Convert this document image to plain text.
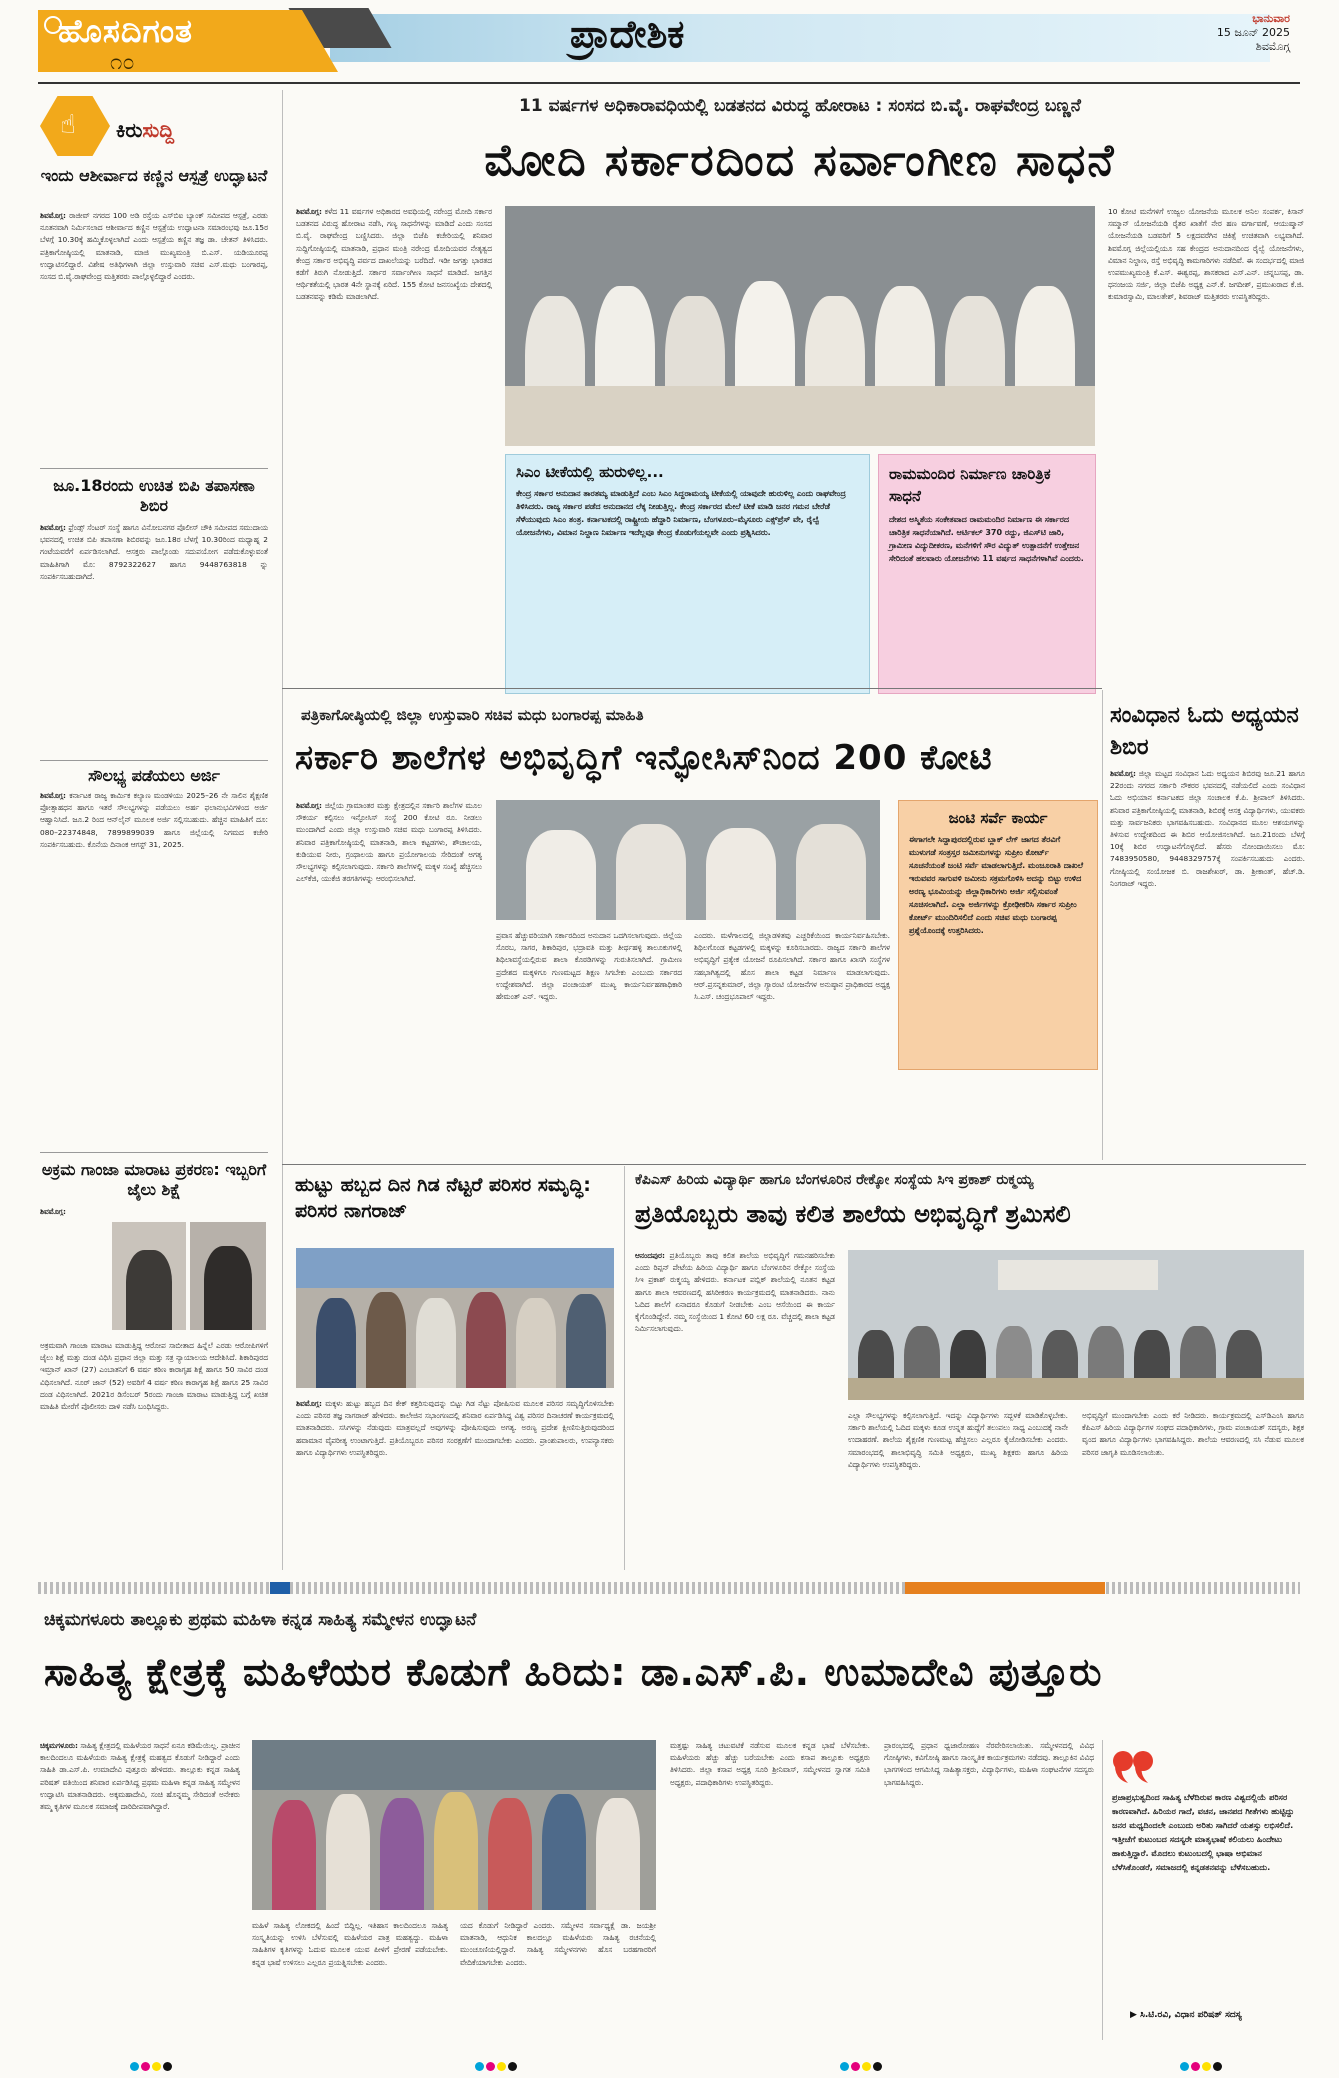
ಹೊಸದಿಗಂತ
೧೦
ಪ್ರಾದೇಶಿಕ	ಭಾನುವಾರ
15 ಜೂನ್ 2025
ಶಿವಮೊಗ್ಗ
☝ ಕಿರುಸುದ್ದಿ
ಇಂದು ಆಶೀರ್ವಾದ ಕಣ್ಣಿನ ಆಸ್ಪತ್ರೆ ಉದ್ಘಾಟನೆ
ಶಿವಮೊಗ್ಗ: ರಾಜೀವ್ ನಗರದ 100 ಅಡಿ ರಸ್ತೆಯ ಎಸ್‌ಬಿಐ ಬ್ಯಾಂಕ್ ಸಮೀಪದ ಆಸ್ಪತ್ರೆ, ಎರಡು ನೂತನವಾಗಿ ನಿರ್ಮಿಸಲಾದ ಆಶೀರ್ವಾದ ಕಣ್ಣಿನ ಆಸ್ಪತ್ರೆಯ ಉದ್ಘಾಟನಾ ಸಮಾರಂಭವು ಜೂ.15ರ ಬೆಳಗ್ಗೆ 10.30ಕ್ಕೆ ಹಮ್ಮಿಕೊಳ್ಳಲಾಗಿದೆ ಎಂದು ಆಸ್ಪತ್ರೆಯ ಕಣ್ಣಿನ ತಜ್ಞ ಡಾ. ಚೇತನ್ ತಿಳಿಸಿದರು. ಪತ್ರಿಕಾಗೋಷ್ಠಿಯಲ್ಲಿ ಮಾತನಾಡಿ, ಮಾಜಿ ಮುಖ್ಯಮಂತ್ರಿ ಬಿ.ಎಸ್. ಯಡಿಯೂರಪ್ಪ ಉದ್ಘಾಟಿಸಲಿದ್ದಾರೆ. ವಿಶೇಷ ಅತಿಥಿಗಳಾಗಿ ಜಿಲ್ಲಾ ಉಸ್ತುವಾರಿ ಸಚಿವ ಎಸ್.ಮಧು ಬಂಗಾರಪ್ಪ, ಸಂಸದ ಬಿ.ವೈ.ರಾಘವೇಂದ್ರ ಮತ್ತಿತರರು ಪಾಲ್ಗೊಳ್ಳಲಿದ್ದಾರೆ ಎಂದರು.
ಜೂ.18ರಂದು ಉಚಿತ ಬಿಪಿ ತಪಾಸಣಾ ಶಿಬಿರ
ಶಿವಮೊಗ್ಗ: ಫ್ರೆಂಡ್ಸ್ ಸೆಂಟರ್ ಸಂಸ್ಥೆ ಹಾಗೂ ವಿನೋಬನಗರ ಪೊಲೀಸ್ ಚೌಕಿ ಸಮೀಪದ ಸಮುದಾಯ ಭವನದಲ್ಲಿ ಉಚಿತ ಬಿಪಿ ತಪಾಸಣಾ ಶಿಬಿರವನ್ನು ಜೂ.18ರ ಬೆಳಗ್ಗೆ 10.30ರಿಂದ ಮಧ್ಯಾಹ್ನ 2 ಗಂಟೆಯವರೆಗೆ ಏರ್ಪಡಿಸಲಾಗಿದೆ. ಆಸಕ್ತರು ಪಾಲ್ಗೊಂಡು ಸದುಪಯೋಗ ಪಡೆದುಕೊಳ್ಳುವಂತೆ ಮಾಹಿತಿಗಾಗಿ ಮೊ: 8792322627 ಹಾಗೂ 9448763818 ನ್ನು ಸಂಪರ್ಕಿಸಬಹುದಾಗಿದೆ.
ಸೌಲಭ್ಯ ಪಡೆಯಲು ಅರ್ಜಿ
ಶಿವಮೊಗ್ಗ: ಕರ್ನಾಟಕ ರಾಜ್ಯ ಕಾರ್ಮಿಕ ಕಲ್ಯಾಣ ಮಂಡಳಿಯು 2025–26 ನೇ ಸಾಲಿನ ಶೈಕ್ಷಣಿಕ ಪ್ರೋತ್ಸಾಹಧನ ಹಾಗೂ ಇತರೆ ಸೌಲಭ್ಯಗಳನ್ನು ಪಡೆಯಲು ಅರ್ಹ ಫಲಾನುಭವಿಗಳಿಂದ ಅರ್ಜಿ ಆಹ್ವಾನಿಸಿದೆ. ಜೂ.2 ರಿಂದ ಆನ್‌ಲೈನ್ ಮೂಲಕ ಅರ್ಜಿ ಸಲ್ಲಿಸಬಹುದು. ಹೆಚ್ಚಿನ ಮಾಹಿತಿಗೆ ದೂ: 080–22374848, 7899899039 ಹಾಗೂ ಜಿಲ್ಲೆಯಲ್ಲಿ ನಿಗಮದ ಕಚೇರಿ ಸಂಪರ್ಕಿಸಬಹುದು. ಕೊನೆಯ ದಿನಾಂಕ ಆಗಸ್ಟ್ 31, 2025.
ಅಕ್ರಮ ಗಾಂಜಾ ಮಾರಾಟ ಪ್ರಕರಣ: ಇಬ್ಬರಿಗೆ ಜೈಲು ಶಿಕ್ಷೆ
ಶಿವಮೊಗ್ಗ:
ಅಕ್ರಮವಾಗಿ ಗಾಂಜಾ ಮಾರಾಟ ಮಾಡುತ್ತಿದ್ದ ಆರೋಪ ಸಾಬೀತಾದ ಹಿನ್ನೆಲೆ ಎರಡು ಆರೋಪಿಗಳಿಗೆ ಜೈಲು ಶಿಕ್ಷೆ ಮತ್ತು ದಂಡ ವಿಧಿಸಿ ಪ್ರಧಾನ ಜಿಲ್ಲಾ ಮತ್ತು ಸತ್ರ ನ್ಯಾಯಾಲಯ ಆದೇಶಿಸಿದೆ. ಶಿಕಾರಿಪುರದ ಇಮ್ರಾನ್ ಖಾನ್ (27) ಎಂಬಾತನಿಗೆ 6 ವರ್ಷ ಕಠಿಣ ಕಾರಾಗೃಹ ಶಿಕ್ಷೆ ಹಾಗೂ 50 ಸಾವಿರ ದಂಡ ವಿಧಿಸಲಾಗಿದೆ. ನೂರ್ ಜಾನ್ (52) ಅವರಿಗೆ 4 ವರ್ಷ ಕಠಿಣ ಕಾರಾಗೃಹ ಶಿಕ್ಷೆ ಹಾಗೂ 25 ಸಾವಿರ ದಂಡ ವಿಧಿಸಲಾಗಿದೆ. 2021ರ ಡಿಸೆಂಬರ್ 5ರಂದು ಗಾಂಜಾ ಮಾರಾಟ ಮಾಡುತ್ತಿದ್ದ ಬಗ್ಗೆ ಖಚಿತ ಮಾಹಿತಿ ಮೇರೆಗೆ ಪೊಲೀಸರು ದಾಳಿ ನಡೆಸಿ ಬಂಧಿಸಿದ್ದರು.
11 ವರ್ಷಗಳ ಅಧಿಕಾರಾವಧಿಯಲ್ಲಿ ಬಡತನದ ವಿರುದ್ಧ ಹೋರಾಟ : ಸಂಸದ ಬಿ.ವೈ. ರಾಘವೇಂದ್ರ ಬಣ್ಣನೆ
ಮೋದಿ ಸರ್ಕಾರದಿಂದ ಸರ್ವಾಂಗೀಣ ಸಾಧನೆ
ಶಿವಮೊಗ್ಗ: ಕಳೆದ 11 ವರ್ಷಗಳ ಅಧಿಕಾರದ ಅವಧಿಯಲ್ಲಿ ನರೇಂದ್ರ ಮೋದಿ ಸರ್ಕಾರ ಬಡತನದ ವಿರುದ್ಧ ಹೋರಾಟ ನಡೆಸಿ, ಗಣ್ಯ ಸಾಧನೆಗಳನ್ನು ಮಾಡಿದೆ ಎಂದು ಸಂಸದ ಬಿ.ವೈ. ರಾಘವೇಂದ್ರ ಬಣ್ಣಿಸಿದರು. ಜಿಲ್ಲಾ ಬಿಜೆಪಿ ಕಚೇರಿಯಲ್ಲಿ ಶನಿವಾರ ಸುದ್ದಿಗೋಷ್ಠಿಯಲ್ಲಿ ಮಾತನಾಡಿ, ಪ್ರಧಾನ ಮಂತ್ರಿ ನರೇಂದ್ರ ಮೋದಿಯವರ ನೇತೃತ್ವದ ಕೇಂದ್ರ ಸರ್ಕಾರ ಅಭಿವೃದ್ಧಿ ಪರ್ವದ ದಾಖಲೆಯನ್ನು ಬರೆದಿದೆ. ಇಡೀ ಜಗತ್ತು ಭಾರತದ ಕಡೆಗೆ ತಿರುಗಿ ನೋಡುತ್ತಿದೆ. ಸರ್ಕಾರ ಸರ್ವಾಂಗೀಣ ಸಾಧನೆ ಮಾಡಿದೆ. ಜಗತ್ತಿನ ಆರ್ಥಿಕತೆಯಲ್ಲಿ ಭಾರತ 4ನೇ ಸ್ಥಾನಕ್ಕೆ ಏರಿದೆ. 155 ಕೋಟಿ ಜನಸಂಖ್ಯೆಯ ದೇಶದಲ್ಲಿ ಬಡತನವನ್ನು ಕಡಿಮೆ ಮಾಡಲಾಗಿದೆ.
10 ಕೋಟಿ ಮನೆಗಳಿಗೆ ಉಜ್ವಲ ಯೋಜನೆಯ ಮೂಲಕ ಅನಿಲ ಸಂಪರ್ಕ, ಕಿಸಾನ್ ಸಮ್ಮಾನ್ ಯೋಜನೆಯಡಿ ರೈತರ ಖಾತೆಗೆ ನೇರ ಹಣ ವರ್ಗಾವಣೆ, ಆಯುಷ್ಮಾನ್ ಯೋಜನೆಯಡಿ ಬಡವರಿಗೆ 5 ಲಕ್ಷದವರೆಗಿನ ಚಿಕಿತ್ಸೆ ಉಚಿತವಾಗಿ ಲಭ್ಯವಾಗಿದೆ. ಶಿವಮೊಗ್ಗ ಜಿಲ್ಲೆಯಲ್ಲಿಯೂ ಸಹ ಕೇಂದ್ರದ ಅನುದಾನದಿಂದ ರೈಲ್ವೆ ಯೋಜನೆಗಳು, ವಿಮಾನ ನಿಲ್ದಾಣ, ರಸ್ತೆ ಅಭಿವೃದ್ಧಿ ಕಾಮಗಾರಿಗಳು ನಡೆದಿವೆ. ಈ ಸಂದರ್ಭದಲ್ಲಿ ಮಾಜಿ ಉಪಮುಖ್ಯಮಂತ್ರಿ ಕೆ.ಎಸ್. ಈಶ್ವರಪ್ಪ, ಶಾಸಕರಾದ ಎಸ್.ಎನ್. ಚನ್ನಬಸಪ್ಪ, ಡಾ. ಧನಂಜಯ ಸರ್ಜಿ, ಜಿಲ್ಲಾ ಬಿಜೆಪಿ ಅಧ್ಯಕ್ಷ ಎನ್.ಕೆ. ಜಗದೀಶ್, ಪ್ರಮುಖರಾದ ಕೆ.ಜಿ. ಕುಮಾರಸ್ವಾಮಿ, ಮಾಲತೇಶ್, ಶಿವರಾಜ್ ಮತ್ತಿತರರು ಉಪಸ್ಥಿತರಿದ್ದರು.
ಸಿಎಂ ಟೀಕೆಯಲ್ಲಿ ಹುರುಳಿಲ್ಲ...
ಕೇಂದ್ರ ಸರ್ಕಾರ ಅನುದಾನ ತಾರತಮ್ಯ ಮಾಡುತ್ತಿದೆ ಎಂಬ ಸಿಎಂ ಸಿದ್ದರಾಮಯ್ಯ ಟೀಕೆಯಲ್ಲಿ ಯಾವುದೇ ಹುರುಳಿಲ್ಲ ಎಂದು ರಾಘವೇಂದ್ರ ತಿಳಿಸಿದರು. ರಾಜ್ಯ ಸರ್ಕಾರ ಪಡೆದ ಅನುದಾನದ ಲೆಕ್ಕ ನೀಡುತ್ತಿಲ್ಲ. ಕೇಂದ್ರ ಸರ್ಕಾರದ ಮೇಲೆ ಟೀಕೆ ಮಾಡಿ ಜನರ ಗಮನ ಬೇರೆಡೆ ಸೆಳೆಯುವುದು ಸಿಎಂ ತಂತ್ರ. ಕರ್ನಾಟಕದಲ್ಲಿ ರಾಷ್ಟ್ರೀಯ ಹೆದ್ದಾರಿ ನಿರ್ಮಾಣ, ಬೆಂಗಳೂರು–ಮೈಸೂರು ಎಕ್ಸ್‌ಪ್ರೆಸ್ ವೇ, ರೈಲ್ವೆ ಯೋಜನೆಗಳು, ವಿಮಾನ ನಿಲ್ದಾಣ ನಿರ್ಮಾಣ ಇದೆಲ್ಲವೂ ಕೇಂದ್ರ ಕೊಡುಗೆಯಲ್ಲವೇ ಎಂದು ಪ್ರಶ್ನಿಸಿದರು.
ರಾಮಮಂದಿರ ನಿರ್ಮಾಣ ಚಾರಿತ್ರಿಕ ಸಾಧನೆ
ದೇಶದ ಅಸ್ಮಿತೆಯ ಸಂಕೇತವಾದ ರಾಮಮಂದಿರ ನಿರ್ಮಾಣ ಈ ಸರ್ಕಾರದ ಚಾರಿತ್ರಿಕ ಸಾಧನೆಯಾಗಿದೆ. ಆರ್ಟಿಕಲ್ 370 ರದ್ದು, ಜಿಎಸ್‌ಟಿ ಜಾರಿ, ಗ್ರಾಮೀಣ ವಿದ್ಯುದೀಕರಣ, ಮನೆಗಳಿಗೆ ಸೌರ ವಿದ್ಯುತ್ ಉತ್ಪಾದನೆಗೆ ಉತ್ತೇಜನ ಸೇರಿದಂತೆ ಹಲವಾರು ಯೋಜನೆಗಳು 11 ವರ್ಷದ ಸಾಧನೆಗಳಾಗಿವೆ ಎಂದರು.
ಪತ್ರಿಕಾಗೋಷ್ಠಿಯಲ್ಲಿ ಜಿಲ್ಲಾ ಉಸ್ತುವಾರಿ ಸಚಿವ ಮಧು ಬಂಗಾರಪ್ಪ ಮಾಹಿತಿ
ಸರ್ಕಾರಿ ಶಾಲೆಗಳ ಅಭಿವೃದ್ಧಿಗೆ ಇನ್ಫೋಸಿಸ್‌ನಿಂದ 200 ಕೋಟಿ
ಶಿವಮೊಗ್ಗ: ಜಿಲ್ಲೆಯ ಗ್ರಾಮಾಂತರ ಮತ್ತು ಕ್ಷೇತ್ರದಲ್ಲಿನ ಸರ್ಕಾರಿ ಶಾಲೆಗಳ ಮೂಲ ಸೌಕರ್ಯ ಕಲ್ಪಿಸಲು ಇನ್ಫೋಸಿಸ್ ಸಂಸ್ಥೆ 200 ಕೋಟಿ ರೂ. ನೀಡಲು ಮುಂದಾಗಿದೆ ಎಂದು ಜಿಲ್ಲಾ ಉಸ್ತುವಾರಿ ಸಚಿವ ಮಧು ಬಂಗಾರಪ್ಪ ತಿಳಿಸಿದರು. ಶನಿವಾರ ಪತ್ರಿಕಾಗೋಷ್ಠಿಯಲ್ಲಿ ಮಾತನಾಡಿ, ಶಾಲಾ ಕಟ್ಟಡಗಳು, ಶೌಚಾಲಯ, ಕುಡಿಯುವ ನೀರು, ಗ್ರಂಥಾಲಯ ಹಾಗೂ ಪ್ರಯೋಗಾಲಯ ಸೇರಿದಂತೆ ಅಗತ್ಯ ಸೌಲಭ್ಯಗಳನ್ನು ಕಲ್ಪಿಸಲಾಗುವುದು. ಸರ್ಕಾರಿ ಶಾಲೆಗಳಲ್ಲಿ ಮಕ್ಕಳ ಸಂಖ್ಯೆ ಹೆಚ್ಚಿಸಲು ಎಲ್‌ಕೆಜಿ, ಯುಕೆಜಿ ತರಗತಿಗಳನ್ನು ಆರಂಭಿಸಲಾಗಿದೆ.
ಪ್ರವಾಸ ಹೆಚ್ಚುವರಿಯಾಗಿ ಸರ್ಕಾರದಿಂದ ಅನುದಾನ ಒದಗಿಸಲಾಗುವುದು. ಜಿಲ್ಲೆಯ ಸೊರಬ, ಸಾಗರ, ಶಿಕಾರಿಪುರ, ಭದ್ರಾವತಿ ಮತ್ತು ತೀರ್ಥಹಳ್ಳಿ ತಾಲೂಕುಗಳಲ್ಲಿ ಶಿಥಿಲಾವಸ್ಥೆಯಲ್ಲಿರುವ ಶಾಲಾ ಕೊಠಡಿಗಳನ್ನು ಗುರುತಿಸಲಾಗಿದೆ. ಗ್ರಾಮೀಣ ಪ್ರದೇಶದ ಮಕ್ಕಳಿಗೂ ಗುಣಮಟ್ಟದ ಶಿಕ್ಷಣ ಸಿಗಬೇಕು ಎಂಬುದು ಸರ್ಕಾರದ ಉದ್ದೇಶವಾಗಿದೆ. ಜಿಲ್ಲಾ ಪಂಚಾಯತ್ ಮುಖ್ಯ ಕಾರ್ಯನಿರ್ವಹಣಾಧಿಕಾರಿ ಹೇಮಂತ್ ಎನ್. ಇದ್ದರು.
ಎಂದರು. ಮಳೆಗಾಲದಲ್ಲಿ ಜಿಲ್ಲಾಡಳಿತವು ಎಚ್ಚರಿಕೆಯಿಂದ ಕಾರ್ಯನಿರ್ವಹಿಸಬೇಕು. ಶಿಥಿಲಗೊಂಡ ಕಟ್ಟಡಗಳಲ್ಲಿ ಮಕ್ಕಳನ್ನು ಕೂರಿಸಬಾರದು. ರಾಜ್ಯದ ಸರ್ಕಾರಿ ಶಾಲೆಗಳ ಅಭಿವೃದ್ಧಿಗೆ ಪ್ರತ್ಯೇಕ ಯೋಜನೆ ರೂಪಿಸಲಾಗಿದೆ. ಸರ್ಕಾರ ಹಾಗೂ ಖಾಸಗಿ ಸಂಸ್ಥೆಗಳ ಸಹಭಾಗಿತ್ವದಲ್ಲಿ ಹೊಸ ಶಾಲಾ ಕಟ್ಟಡ ನಿರ್ಮಾಣ ಮಾಡಲಾಗುವುದು. ಆರ್.ಪ್ರಸನ್ನಕುಮಾರ್, ಜಿಲ್ಲಾ ಗ್ಯಾರಂಟಿ ಯೋಜನೆಗಳ ಅನುಷ್ಠಾನ ಪ್ರಾಧಿಕಾರದ ಅಧ್ಯಕ್ಷ ಸಿ.ಎಸ್. ಚಂದ್ರಭೂಪಾಲ್ ಇದ್ದರು.
ಜಂಟಿ ಸರ್ವೆ ಕಾರ್ಯ
ಈಗಾಗಲೇ ಸಿದ್ದಾಪುರದಲ್ಲಿರುವ ಬ್ಲಾಕ್ ಲೆಗ್ ಜಾಗದ ತೆರವಿಗೆ ಮುಳುಗಡೆ ಸಂತ್ರಸ್ತರ ಜಮೀನುಗಳನ್ನು ಸುಪ್ರೀಂ ಕೋರ್ಟ್ ಸೂಚನೆಯಂತೆ ಜಂಟಿ ಸರ್ವೆ ಮಾಡಲಾಗುತ್ತಿದೆ. ಮಂಜೂರಾತಿ ದಾಖಲೆ ಇರುವವರ ಸಾಗುವಳಿ ಜಮೀನು ಸಕ್ರಮಗೊಳಿಸಿ ಅದನ್ನು ಬಿಟ್ಟು ಉಳಿದ ಅರಣ್ಯ ಭೂಮಿಯನ್ನು ಜಿಲ್ಲಾಧಿಕಾರಿಗಳು ಅರ್ಜಿ ಸಲ್ಲಿಸುವಂತೆ ಸೂಚಿಸಲಾಗಿದೆ. ಎಲ್ಲಾ ಅರ್ಜಿಗಳನ್ನು ಕ್ರೋಢೀಕರಿಸಿ ಸರ್ಕಾರ ಸುಪ್ರೀಂ ಕೋರ್ಟ್ ಮುಂದಿರಿಸಲಿದೆ ಎಂದು ಸಚಿವ ಮಧು ಬಂಗಾರಪ್ಪ ಪ್ರಶ್ನೆಯೊಂದಕ್ಕೆ ಉತ್ತರಿಸಿದರು.
ಸಂವಿಧಾನ ಓದು ಅಧ್ಯಯನ ಶಿಬಿರ
ಶಿವಮೊಗ್ಗ: ಜಿಲ್ಲಾ ಮಟ್ಟದ ಸಂವಿಧಾನ ಓದು ಅಧ್ಯಯನ ಶಿಬಿರವು ಜೂ.21 ಹಾಗೂ 22ರಂದು ನಗರದ ಸರ್ಕಾರಿ ನೌಕರರ ಭವನದಲ್ಲಿ ನಡೆಯಲಿದೆ ಎಂದು ಸಂವಿಧಾನ ಓದು ಅಭಿಯಾನ ಕರ್ನಾಟಕದ ಜಿಲ್ಲಾ ಸಂಚಾಲಕ ಕೆ.ಪಿ. ಶ್ರೀಪಾಲ್ ತಿಳಿಸಿದರು. ಶನಿವಾರ ಪತ್ರಿಕಾಗೋಷ್ಠಿಯಲ್ಲಿ ಮಾತನಾಡಿ, ಶಿಬಿರಕ್ಕೆ ಆಸಕ್ತ ವಿದ್ಯಾರ್ಥಿಗಳು, ಯುವಕರು ಮತ್ತು ಸಾರ್ವಜನಿಕರು ಭಾಗವಹಿಸಬಹುದು. ಸಂವಿಧಾನದ ಮೂಲ ಆಶಯಗಳನ್ನು ತಿಳಿಸುವ ಉದ್ದೇಶದಿಂದ ಈ ಶಿಬಿರ ಆಯೋಜಿಸಲಾಗಿದೆ. ಜೂ.21ರಂದು ಬೆಳಗ್ಗೆ 10ಕ್ಕೆ ಶಿಬಿರ ಉದ್ಘಾಟನೆಗೊಳ್ಳಲಿದೆ. ಹೆಸರು ನೋಂದಾಯಿಸಲು ಮೊ: 7483950580, 9448329757ಕ್ಕೆ ಸಂಪರ್ಕಿಸಬಹುದು ಎಂದರು. ಗೋಷ್ಠಿಯಲ್ಲಿ ಸಂಯೋಜಕ ಬಿ. ರಾಜಶೇಖರ್, ಡಾ. ಶ್ರೀಕಾಂತ್, ಹೆಚ್.ಡಿ. ನಿಂಗರಾಜ್ ಇದ್ದರು.
ಹುಟ್ಟು ಹಬ್ಬದ ದಿನ ಗಿಡ ನೆಟ್ಟರೆ ಪರಿಸರ ಸಮೃದ್ಧಿ: ಪರಿಸರ ನಾಗರಾಜ್
ಶಿವಮೊಗ್ಗ: ಮಕ್ಕಳು ಹುಟ್ಟು ಹಬ್ಬದ ದಿನ ಕೇಕ್ ಕತ್ತರಿಸುವುದನ್ನು ಬಿಟ್ಟು ಗಿಡ ನೆಟ್ಟು ಪೋಷಿಸುವ ಮೂಲಕ ಪರಿಸರ ಸಮೃದ್ಧಿಗೊಳಿಸಬೇಕು ಎಂದು ಪರಿಸರ ತಜ್ಞ ನಾಗರಾಜ್ ಹೇಳಿದರು. ಕಾಲೇಜಿನ ಸಭಾಂಗಣದಲ್ಲಿ ಶನಿವಾರ ಏರ್ಪಡಿಸಿದ್ದ ವಿಶ್ವ ಪರಿಸರ ದಿನಾಚರಣೆ ಕಾರ್ಯಕ್ರಮದಲ್ಲಿ ಮಾತನಾಡಿದರು. ಸಸಿಗಳನ್ನು ನೆಡುವುದು ಮಾತ್ರವಲ್ಲದೆ ಅವುಗಳನ್ನು ಪೋಷಿಸುವುದು ಅಗತ್ಯ. ಅರಣ್ಯ ಪ್ರದೇಶ ಕ್ಷೀಣಿಸುತ್ತಿರುವುದರಿಂದ ಹವಾಮಾನ ವೈಪರೀತ್ಯ ಉಂಟಾಗುತ್ತಿದೆ. ಪ್ರತಿಯೊಬ್ಬರೂ ಪರಿಸರ ಸಂರಕ್ಷಣೆಗೆ ಮುಂದಾಗಬೇಕು ಎಂದರು. ಪ್ರಾಂಶುಪಾಲರು, ಉಪನ್ಯಾಸಕರು ಹಾಗೂ ವಿದ್ಯಾರ್ಥಿಗಳು ಉಪಸ್ಥಿತರಿದ್ದರು.
ಕೆಪಿಎಸ್ ಹಿರಿಯ ವಿದ್ಯಾರ್ಥಿ ಹಾಗೂ ಬೆಂಗಳೂರಿನ ರೇಕ್ಕೋ ಸಂಸ್ಥೆಯ ಸಿಇ ಪ್ರಕಾಶ್ ರುಕ್ಮಯ್ಯ
ಪ್ರತಿಯೊಬ್ಬರು ತಾವು ಕಲಿತ ಶಾಲೆಯ ಅಭಿವೃದ್ಧಿಗೆ ಶ್ರಮಿಸಲಿ
ಆನಂದಪುರ: ಪ್ರತಿಯೊಬ್ಬರು ತಾವು ಕಲಿತ ಶಾಲೆಯ ಅಭಿವೃದ್ಧಿಗೆ ಗಮನಹರಿಸಬೇಕು ಎಂದು ರಿಪ್ಪನ್ ಪೇಟೆಯ ಹಿರಿಯ ವಿದ್ಯಾರ್ಥಿ ಹಾಗೂ ಬೆಂಗಳೂರಿನ ರೇಕ್ಕೋ ಸಂಸ್ಥೆಯ ಸಿಇ ಪ್ರಕಾಶ್ ರುಕ್ಮಯ್ಯ ಹೇಳಿದರು. ಕರ್ನಾಟಕ ಪಬ್ಲಿಕ್ ಶಾಲೆಯಲ್ಲಿ ನೂತನ ಕಟ್ಟಡ ಹಾಗೂ ಶಾಲಾ ಆವರಣದಲ್ಲಿ ಹಸಿರೀಕರಣ ಕಾರ್ಯಕ್ರಮದಲ್ಲಿ ಮಾತನಾಡಿದರು. ನಾನು ಓದಿದ ಶಾಲೆಗೆ ಏನಾದರೂ ಕೊಡುಗೆ ನೀಡಬೇಕು ಎಂಬ ಆಸೆಯಿಂದ ಈ ಕಾರ್ಯ ಕೈಗೊಂಡಿದ್ದೇನೆ. ನಮ್ಮ ಸಂಸ್ಥೆಯಿಂದ 1 ಕೋಟಿ 60 ಲಕ್ಷ ರೂ. ವೆಚ್ಚದಲ್ಲಿ ಶಾಲಾ ಕಟ್ಟಡ ನಿರ್ಮಿಸಲಾಗುವುದು.
ಎಲ್ಲಾ ಸೌಲಭ್ಯಗಳನ್ನು ಕಲ್ಪಿಸಲಾಗುತ್ತಿದೆ. ಇದನ್ನು ವಿದ್ಯಾರ್ಥಿಗಳು ಸದ್ಬಳಕೆ ಮಾಡಿಕೊಳ್ಳಬೇಕು. ಸರ್ಕಾರಿ ಶಾಲೆಯಲ್ಲಿ ಓದಿದ ಮಕ್ಕಳು ಕೂಡ ಉನ್ನತ ಹುದ್ದೆಗೆ ತಲುಪಲು ಸಾಧ್ಯ ಎಂಬುದಕ್ಕೆ ನಾನೇ ಉದಾಹರಣೆ. ಶಾಲೆಯ ಶೈಕ್ಷಣಿಕ ಗುಣಮಟ್ಟ ಹೆಚ್ಚಿಸಲು ಎಲ್ಲರೂ ಕೈಜೋಡಿಸಬೇಕು ಎಂದರು. ಸಮಾರಂಭದಲ್ಲಿ ಶಾಲಾಭಿವೃದ್ಧಿ ಸಮಿತಿ ಅಧ್ಯಕ್ಷರು, ಮುಖ್ಯ ಶಿಕ್ಷಕರು ಹಾಗೂ ಹಿರಿಯ ವಿದ್ಯಾರ್ಥಿಗಳು ಉಪಸ್ಥಿತರಿದ್ದರು.
ಅಭಿವೃದ್ಧಿಗೆ ಮುಂದಾಗಬೇಕು ಎಂದು ಕರೆ ನೀಡಿದರು. ಕಾರ್ಯಕ್ರಮದಲ್ಲಿ ಎಸ್‌ಡಿಎಂಸಿ ಹಾಗೂ ಕೆಪಿಎಸ್ ಹಿರಿಯ ವಿದ್ಯಾರ್ಥಿಗಳ ಸಂಘದ ಪದಾಧಿಕಾರಿಗಳು, ಗ್ರಾಮ ಪಂಚಾಯತ್ ಸದಸ್ಯರು, ಶಿಕ್ಷಕ ವೃಂದ ಹಾಗೂ ವಿದ್ಯಾರ್ಥಿಗಳು ಭಾಗವಹಿಸಿದ್ದರು. ಶಾಲೆಯ ಆವರಣದಲ್ಲಿ ಸಸಿ ನೆಡುವ ಮೂಲಕ ಪರಿಸರ ಜಾಗೃತಿ ಮೂಡಿಸಲಾಯಿತು.
ಚಿಕ್ಕಮಗಳೂರು ತಾಲ್ಲೂಕು ಪ್ರಥಮ ಮಹಿಳಾ ಕನ್ನಡ ಸಾಹಿತ್ಯ ಸಮ್ಮೇಳನ ಉದ್ಘಾಟನೆ
ಸಾಹಿತ್ಯ ಕ್ಷೇತ್ರಕ್ಕೆ ಮಹಿಳೆಯರ ಕೊಡುಗೆ ಹಿರಿದು: ಡಾ.ಎಸ್.ಪಿ. ಉಮಾದೇವಿ ಪುತ್ತೂರು
ಚಿಕ್ಕಮಗಳೂರು: ಸಾಹಿತ್ಯ ಕ್ಷೇತ್ರದಲ್ಲಿ ಮಹಿಳೆಯರ ಸಾಧನೆ ಏನೂ ಕಡಿಮೆಯಿಲ್ಲ. ಪ್ರಾಚೀನ ಕಾಲದಿಂದಲೂ ಮಹಿಳೆಯರು ಸಾಹಿತ್ಯ ಕ್ಷೇತ್ರಕ್ಕೆ ಮಹತ್ವದ ಕೊಡುಗೆ ನೀಡಿದ್ದಾರೆ ಎಂದು ಸಾಹಿತಿ ಡಾ.ಎಸ್.ಪಿ. ಉಮಾದೇವಿ ಪುತ್ತೂರು ಹೇಳಿದರು. ತಾಲ್ಲೂಕು ಕನ್ನಡ ಸಾಹಿತ್ಯ ಪರಿಷತ್ ವತಿಯಿಂದ ಶನಿವಾರ ಏರ್ಪಡಿಸಿದ್ದ ಪ್ರಥಮ ಮಹಿಳಾ ಕನ್ನಡ ಸಾಹಿತ್ಯ ಸಮ್ಮೇಳನ ಉದ್ಘಾಟಿಸಿ ಮಾತನಾಡಿದರು. ಅಕ್ಕಮಹಾದೇವಿ, ಸಂಚಿ ಹೊನ್ನಮ್ಮ ಸೇರಿದಂತೆ ಅನೇಕರು ತಮ್ಮ ಕೃತಿಗಳ ಮೂಲಕ ಸಮಾಜಕ್ಕೆ ದಾರಿದೀಪವಾಗಿದ್ದಾರೆ.
ಮಹಿಳೆ ಸಾಹಿತ್ಯ ಲೋಕದಲ್ಲಿ ಹಿಂದೆ ಬಿದ್ದಿಲ್ಲ. ಇತಿಹಾಸ ಕಾಲದಿಂದಲೂ ಸಾಹಿತ್ಯ ಸಂಸ್ಕೃತಿಯನ್ನು ಉಳಿಸಿ ಬೆಳೆಸುವಲ್ಲಿ ಮಹಿಳೆಯರ ಪಾತ್ರ ಮಹತ್ವದ್ದು. ಮಹಿಳಾ ಸಾಹಿತಿಗಳ ಕೃತಿಗಳನ್ನು ಓದುವ ಮೂಲಕ ಯುವ ಪೀಳಿಗೆ ಪ್ರೇರಣೆ ಪಡೆಯಬೇಕು. ಕನ್ನಡ ಭಾಷೆ ಉಳಿಸಲು ಎಲ್ಲರೂ ಪ್ರಯತ್ನಿಸಬೇಕು ಎಂದರು.
ಯದ ಕೊಡುಗೆ ನೀಡಿದ್ದಾರೆ ಎಂದರು. ಸಮ್ಮೇಳನ ಸರ್ವಾಧ್ಯಕ್ಷೆ ಡಾ. ಜಯಶ್ರೀ ಮಾತನಾಡಿ, ಆಧುನಿಕ ಕಾಲದಲ್ಲೂ ಮಹಿಳೆಯರು ಸಾಹಿತ್ಯ ರಚನೆಯಲ್ಲಿ ಮುಂಚೂಣಿಯಲ್ಲಿದ್ದಾರೆ. ಸಾಹಿತ್ಯ ಸಮ್ಮೇಳನಗಳು ಹೊಸ ಬರಹಗಾರರಿಗೆ ವೇದಿಕೆಯಾಗಬೇಕು ಎಂದರು.
ಮತ್ತಷ್ಟು ಸಾಹಿತ್ಯ ಚಟುವಟಿಕೆ ನಡೆಸುವ ಮೂಲಕ ಕನ್ನಡ ಭಾಷೆ ಬೆಳೆಸಬೇಕು. ಮಹಿಳೆಯರು ಹೆಚ್ಚು ಹೆಚ್ಚು ಬರೆಯಬೇಕು ಎಂದು ಕಸಾಪ ತಾಲ್ಲೂಕು ಅಧ್ಯಕ್ಷರು ತಿಳಿಸಿದರು. ಜಿಲ್ಲಾ ಕಸಾಪ ಅಧ್ಯಕ್ಷ ಸೂರಿ ಶ್ರೀನಿವಾಸ್, ಸಮ್ಮೇಳನದ ಸ್ವಾಗತ ಸಮಿತಿ ಅಧ್ಯಕ್ಷರು, ಪದಾಧಿಕಾರಿಗಳು ಉಪಸ್ಥಿತರಿದ್ದರು.
ಪ್ರಾರಂಭದಲ್ಲಿ ಪ್ರಧಾನ ಧ್ವಜಾರೋಹಣ ನೆರವೇರಿಸಲಾಯಿತು. ಸಮ್ಮೇಳನದಲ್ಲಿ ವಿವಿಧ ಗೋಷ್ಠಿಗಳು, ಕವಿಗೋಷ್ಠಿ ಹಾಗೂ ಸಾಂಸ್ಕೃತಿಕ ಕಾರ್ಯಕ್ರಮಗಳು ನಡೆದವು. ತಾಲ್ಲೂಕಿನ ವಿವಿಧ ಭಾಗಗಳಿಂದ ಆಗಮಿಸಿದ್ದ ಸಾಹಿತ್ಯಾಸಕ್ತರು, ವಿದ್ಯಾರ್ಥಿಗಳು, ಮಹಿಳಾ ಸಂಘಟನೆಗಳ ಸದಸ್ಯರು ಭಾಗವಹಿಸಿದ್ದರು.
ಪ್ರಜಾಪ್ರಭುತ್ವದಿಂದ ಸಾಹಿತ್ಯ ಬೆಳೆದಿರುವ ಕಾರಣ ವಿಶ್ವದಲ್ಲಿಯೆ ಪರಿಸರ ಕಾರಣವಾಗಿದೆ. ಹಿರಿಯರ ಗಾದೆ, ವಚನ, ಜಾನಪದ ಗೀತೆಗಳು ಹುಟ್ಟಿದ್ದು ಜನರ ಮಧ್ಯದಿಂದಲೇ ಎಂಬುದು ಅರಿತು ಸಾಗಿದರೆ ಯಶಸ್ಸು ಲಭಿಸಲಿದೆ. ಇತ್ತೀಚೆಗೆ ಕುಟುಂಬದ ಸದಸ್ಯರೇ ಮಾತೃಭಾಷೆ ಕಲಿಯಲು ಹಿಂದೇಟು ಹಾಕುತ್ತಿದ್ದಾರೆ. ಮೊದಲು ಕುಟುಂಬದಲ್ಲಿ ಭಾಷಾ ಅಭಿಮಾನ ಬೆಳೆಸಿಕೊಂಡರೆ, ಸಮಾಜದಲ್ಲಿ ಕನ್ನಡತನವನ್ನು ಬೆಳೆಸಬಹುದು.
▶ ಸಿ.ಟಿ.ರವಿ, ವಿಧಾನ ಪರಿಷತ್ ಸದಸ್ಯ
